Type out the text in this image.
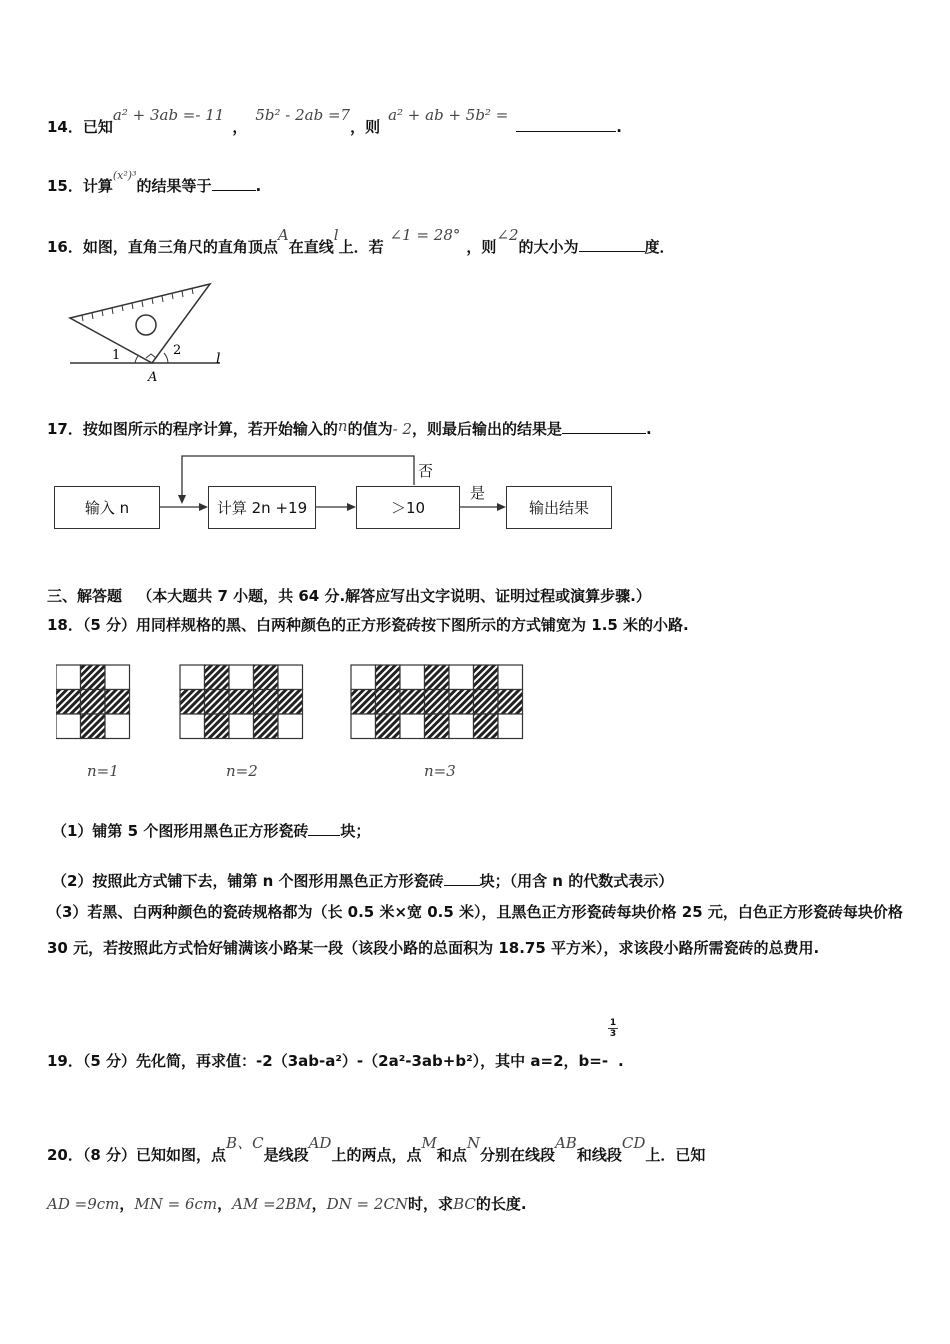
14．已知a² + 3ab =- 11，5b² - 2ab =7，则a² + ab + 5b² =.
15．计算$^{(x^2)^3}$的结果等于	.
16．如图，直角三角尺的直角顶点A在直线l上．若∠1 = 28°，则∠2的大小为	度．
1	2
A
l
17．按如图所示的程序计算，若开始输入的n的值为- 2，则最后输出的结果是	.
输入 n	计算 2n +19	＞10	输出结果
否
是
三、解答题 （本大题共 7 小题，共 64 分.解答应写出文字说明、证明过程或演算步骤.）
18．（5 分）用同样规格的黑、白两种颜色的正方形瓷砖按下图所示的方式铺宽为 1.5 米的小路.
n=1	n=2	n=3
（1）铺第 5 个图形用黑色正方形瓷砖 块；
（2）按照此方式铺下去，铺第 n 个图形用黑色正方形瓷砖 块；（用含 n 的代数式表示）
（3）若黑、白两种颜色的瓷砖规格都为（长 0.5 米×宽 0.5 米），且黑色正方形瓷砖每块价格 25 元，白色正方形瓷砖每块价格 30 元，若按照此方式恰好铺满该小路某一段（该段小路的总面积为 18.75 平方米），求该段小路所需瓷砖的总费用.
19．（5 分）先化简，再求值：-2（3ab-a²）-（2a²-3ab+b²），其中 a=2，b=-
$\frac{1}{3}$
.
20．（8 分）已知如图，点B、C是线段AD上的两点，点M和点N分别在线段AB和线段CD上．已知
AD =9cm，MN = 6cm，AM =2BM，DN = 2CN时，求BC的长度.
